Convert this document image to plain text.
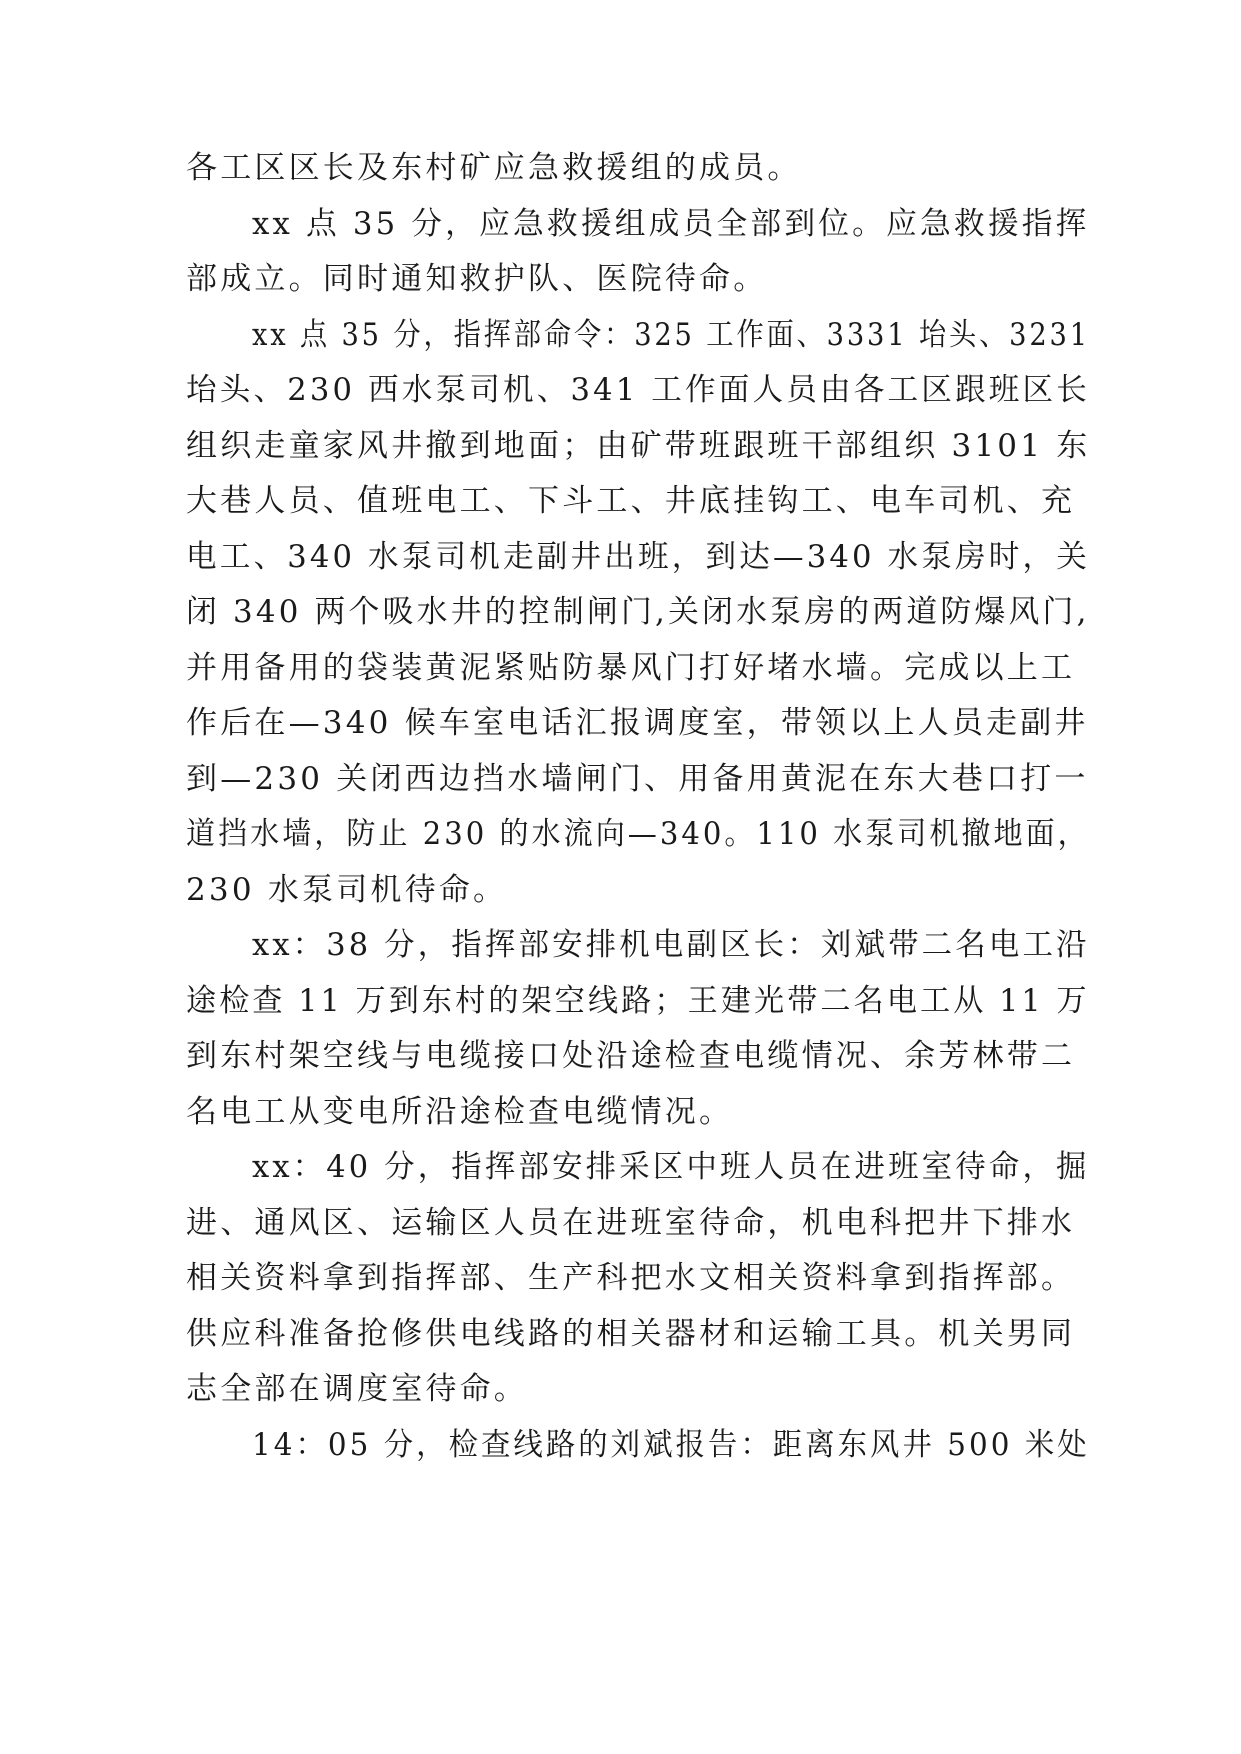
各工区区长及东村矿应急救援组的成员。
xx 点 35 分，应急救援组成员全部到位。应急救援指挥
部成立。同时通知救护队、医院待命。
xx 点 35 分，指挥部命令：325 工作面、3331 坮头、3231
坮头、230 西水泵司机、341 工作面人员由各工区跟班区长
组织走童家风井撤到地面；由矿带班跟班干部组织 3101 东
大巷人员、值班电工、下斗工、井底挂钩工、电车司机、充
电工、340 水泵司机走副井出班，到达—340 水泵房时，关
闭 340 两个吸水井的控制闸门,关闭水泵房的两道防爆风门,
并用备用的袋装黄泥紧贴防暴风门打好堵水墙。完成以上工
作后在—340 候车室电话汇报调度室，带领以上人员走副井
到—230 关闭西边挡水墙闸门、用备用黄泥在东大巷口打一
道挡水墙，防止 230 的水流向—340。110 水泵司机撤地面，
230 水泵司机待命。
xx：38 分，指挥部安排机电副区长：刘斌带二名电工沿
途检查 11 万到东村的架空线路；王建光带二名电工从 11 万
到东村架空线与电缆接口处沿途检查电缆情况、余芳林带二
名电工从变电所沿途检查电缆情况。
xx：40 分，指挥部安排采区中班人员在进班室待命，掘
进、通风区、运输区人员在进班室待命，机电科把井下排水
相关资料拿到指挥部、生产科把水文相关资料拿到指挥部。
供应科准备抢修供电线路的相关器材和运输工具。机关男同
志全部在调度室待命。
14：05 分，检查线路的刘斌报告：距离东风井 500 米处
